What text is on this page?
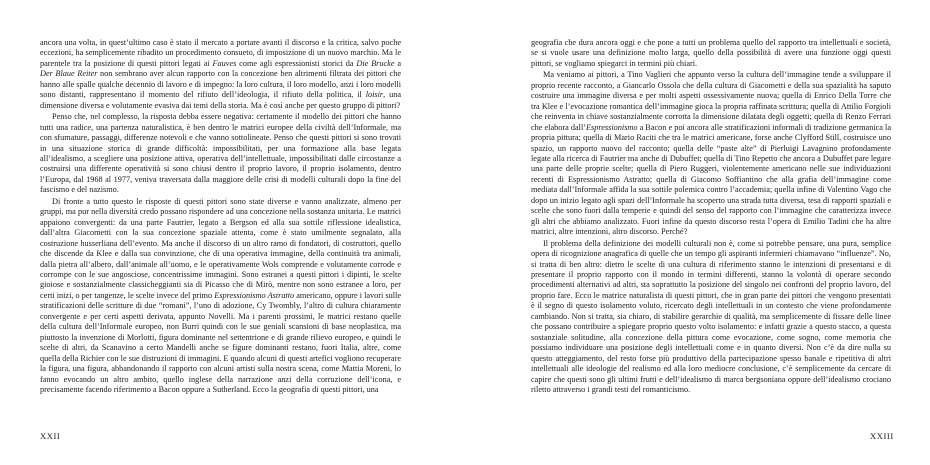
ancora una volta, in quest’ultimo caso è stato il mercato a portare avanti il discorso e la critica, salvo poche eccezioni, ha semplicemente ribadito un procedimento consueto, di imposizione di un nuovo marchio. Ma le parentele tra la posizione di questi pittori legati ai Fauves come agli espressionisti storici da Die Brucke a Der Blaue Reiter non sembrano aver alcun rapporto con la concezione ben altrimenti filtrata dei pittori che hanno alle spalle qualche decennio di lavoro e di impegno: la loro cultura, il loro modello, anzi i loro modelli sono distanti, rappresentano il momento del rifiuto dell’ideologia, il rifiuto della politica, il loisir, una dimensione diversa e volutamente evasiva dai temi della storia. Ma è così anche per questo gruppo di pittori?

Penso che, nel complesso, la risposta debba essere negativa: certamente il modello dei pittori che hanno tutti una radice, una partenza naturalistica, è ben dentro le matrici europee della civiltà dell’Informale, ma con sfumature, passaggi, differenze notevoli e che vanno sottolineate. Penso che questi pittori si sono trovati in una situazione storica di grande difficoltà: impossibilitati, per una formazione alla base legata all’idealismo, a scegliere una posizione attiva, operativa dell’intellettuale, impossibilitati dalle circostanze a costruirsi una differente operatività si sono chiusi dentro il proprio lavoro, il proprio isolamento, dentro l’Europa, dal 1968 al 1977, veniva traversata dalla maggiore delle crisi di modelli culturali dopo la fine del fascismo e del nazismo.

Di fronte a tutto questo le risposte di questi pittori sono state diverse e vanno analizzate, almeno per gruppi, ma pur nella diversità credo possano rispondere ad una concezione nella sostanza unitaria. Le matrici appaiono convergenti: da una parte Fautrier, legato a Bergson ed alla sua sottile riflessione idealistica, dall’altra Giacometti con la sua concezione spaziale attenta, come è stato umilmente segnalato, alla costruzione husserliana dell’evento. Ma anche il discorso di un altro ramo di fondatori, di costruttori, quello che discende da Klee e dalla sua convinzione, che di una operativa immagine, della continuità tra animali, dalla pietra all’albero, dall’animale all’uomo, e le operativamente Wols comprende e volutamente corrode e corrompe con le sue angosciose, concentrissime immagini. Sono estranei a questi pittori i dipinti, le scelte gioiose e sostanzialmente classicheggianti sia di Picasso che di Mirò, mentre non sono estranee a loro, per certi inizi, o per tangenze, le scelte invece del primo Espressionismo Astratto americano, oppure i lavori sulle stratificazioni delle scritture di due “romani”, l’uno di adozione, Cy Twombly, l’altro di cultura chiaramente convergente e per certi aspetti derivata, appunto Novelli. Ma i parenti prossimi, le matrici restano quelle della cultura dell’Informale europeo, non Burri quindi con le sue geniali scansioni di base neoplastica, ma piuttosto la invenzione di Morlotti, figura dominante nel settentrione e di grande rilievo europeo, e quindi le scelte di altri, da Scanavino a certo Mandelli anche se figure dominanti restano, fuori Italia, altre, come quella della Richier con le sue distruzioni di immagini. E quando alcuni di questi artefici vogliono recuperare la figura, una figura, abbandonando il rapporto con alcuni artisti sulla nostra scena, come Mattia Moreni, lo fanno evocando un altro ambito, quello inglese della narrazione anzi della corruzione dell’icona, e precisamente facendo riferimento a Bacon oppure a Sutherland. Ecco la geografia di questi pittori, una

geografia che dura ancora oggi e che pone a tutti un problema quello del rapporto tra intellettuali e società, se si vuole usare una definizione molto larga, quello della possibilità di avere una funzione oggi questi pittori, se vogliamo spiegarci in termini più chiari.

Ma veniamo ai pittori, a Tino Vaglieri che appunto verso la cultura dell’immagine tende a sviluppare il proprio recente racconto, a Giancarlo Ossola che della cultura di Giacometti e della sua spazialità ha saputo costruire una immagine diversa e per molti aspetti ossessivamente nuova; quella di Enrico Della Torre che tra Klee e l’evocazione romantica dell’immagine gioca la propria raffinata scrittura; quella di Attilio Forgioli che reinventa in chiave sostanzialmente corrotta la dimensione dilatata degli oggetti; quella di Renzo Ferrari che elabora dall’Espressionismo a Bacon e poi ancora alle stratificazioni informali di tradizione germanica la propria pittura; quella di Mario Raciti che tra le matrici americane, forse anche Clyfford Still, costruisce uno spazio, un rapporto nuovo del racconto; quella delle “paste alte” di Pierluigi Lavagnino profondamente legate alla ricerca di Fautrier ma anche di Dubuffet; quella di Tino Repetto che ancora a Dubuffet pare legare una parte delle proprie scelte; quella di Piero Ruggeri, violentemente americano nelle sue individuazioni recenti di Espressionismo Astratto; quella di Giacomo Soffiantino che alla grafia dell’immagine come mediata dall’Informale affida la sua sottile polemica contro l’accademia; quella infine di Valentino Vago che dopo un inizio legato agli spazi dell’Informale ha scoperto una strada tutta diversa, tesa di rapporti spaziali e scelte che sono fuori dalla temperie e quindi del senso del rapporto con l’immagine che caratterizza invece gli altri che abbiamo analizzato. Fuori infine da questo discorso resta l’opera di Emilio Tadini che ha altre matrici, altre intenzioni, altro discorso. Perché?

Il problema della definizione dei modelli culturali non è, come si potrebbe pensare, una pura, semplice opera di ricognizione anagrafica di quelle che un tempo gli aspiranti infermieri chiamavano “influenze”. No, si tratta di ben altro: dietro le scelte di una cultura di riferimento stanno le intenzioni di presentarsi e di presentare il proprio rapporto con il mondo in termini differenti, stanno la volontà di operare secondo procedimenti alternativi ad altri, sta soprattutto la posizione del singolo nei confronti del proprio lavoro, del proprio fare. Ecco le matrice naturalista di questi pittori, che in gran parte dei pittori che vengono presentati è il segno di questo isolamento voluto, ricercato degli intellettuali in un contesto che viene profondamente cambiando. Non si tratta, sia chiaro, di stabilire gerarchie di qualità, ma semplicemente di fissare delle linee che possano contribuire a spiegare proprio questo volto isolamento: e infatti grazie a questo stacco, a questa sostanziale solitudine, alla concezione della pittura come evocazione, come sogno, come memoria che possiamo individuare una posizione degli intellettuali come e in quanto diversi. Non c’è da dire nulla su questo atteggiamento, del resto forse più produttivo della partecipazione spesso banale e ripetitiva di altri intellettuali alle ideologie del realismo ed alla loro mediocre conclusione, c’è semplicemente da cercare di capire che questi sono gli ultimi frutti e dell’idealismo di marca bergsoniana oppure dell’idealismo crociano riletto attraverso i grandi testi del romanticismo.

XXII	XXIII
